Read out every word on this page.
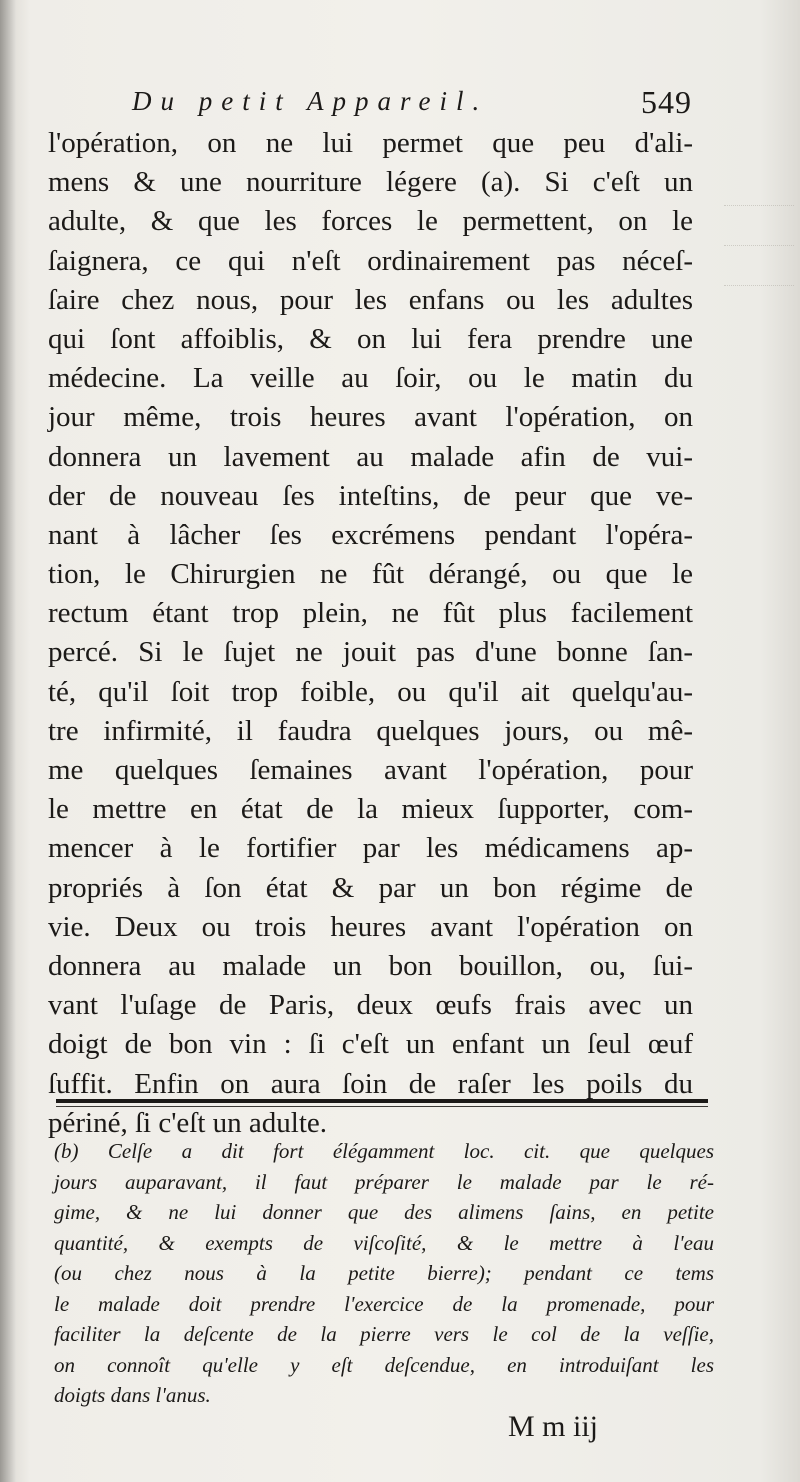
Du petit Appareil.	549
l'opération, on ne lui permet que peu d'ali-
mens & une nourriture légere (a). Si c'eſt un
adulte, & que les forces le permettent, on le
ſaignera, ce qui n'eſt ordinairement pas néceſ-
ſaire chez nous, pour les enfans ou les adultes
qui ſont affoiblis, & on lui fera prendre une
médecine. La veille au ſoir, ou le matin du
jour même, trois heures avant l'opération, on
donnera un lavement au malade afin de vui-
der de nouveau ſes inteſtins, de peur que ve-
nant à lâcher ſes excrémens pendant l'opéra-
tion, le Chirurgien ne fût dérangé, ou que le
rectum étant trop plein, ne fût plus facilement
percé. Si le ſujet ne jouit pas d'une bonne ſan-
té, qu'il ſoit trop foible, ou qu'il ait quelqu'au-
tre infirmité, il faudra quelques jours, ou mê-
me quelques ſemaines avant l'opération, pour
le mettre en état de la mieux ſupporter, com-
mencer à le fortifier par les médicamens ap-
propriés à ſon état & par un bon régime de
vie. Deux ou trois heures avant l'opération on
donnera au malade un bon bouillon, ou, ſui-
vant l'uſage de Paris, deux œufs frais avec un
doigt de bon vin : ſi c'eſt un enfant un ſeul œuf
ſuffit. Enfin on aura ſoin de raſer les poils du
périné, ſi c'eſt un adulte.
(b) Celſe a dit fort élégamment loc. cit. que quelques
jours auparavant, il faut préparer le malade par le ré-
gime, & ne lui donner que des alimens ſains, en petite
quantité, & exempts de viſcoſité, & le mettre à l'eau
(ou chez nous à la petite bierre); pendant ce tems
le malade doit prendre l'exercice de la promenade, pour
faciliter la deſcente de la pierre vers le col de la veſſie,
on connoît qu'elle y eſt deſcendue, en introduiſant les
doigts dans l'anus.
M m iij
